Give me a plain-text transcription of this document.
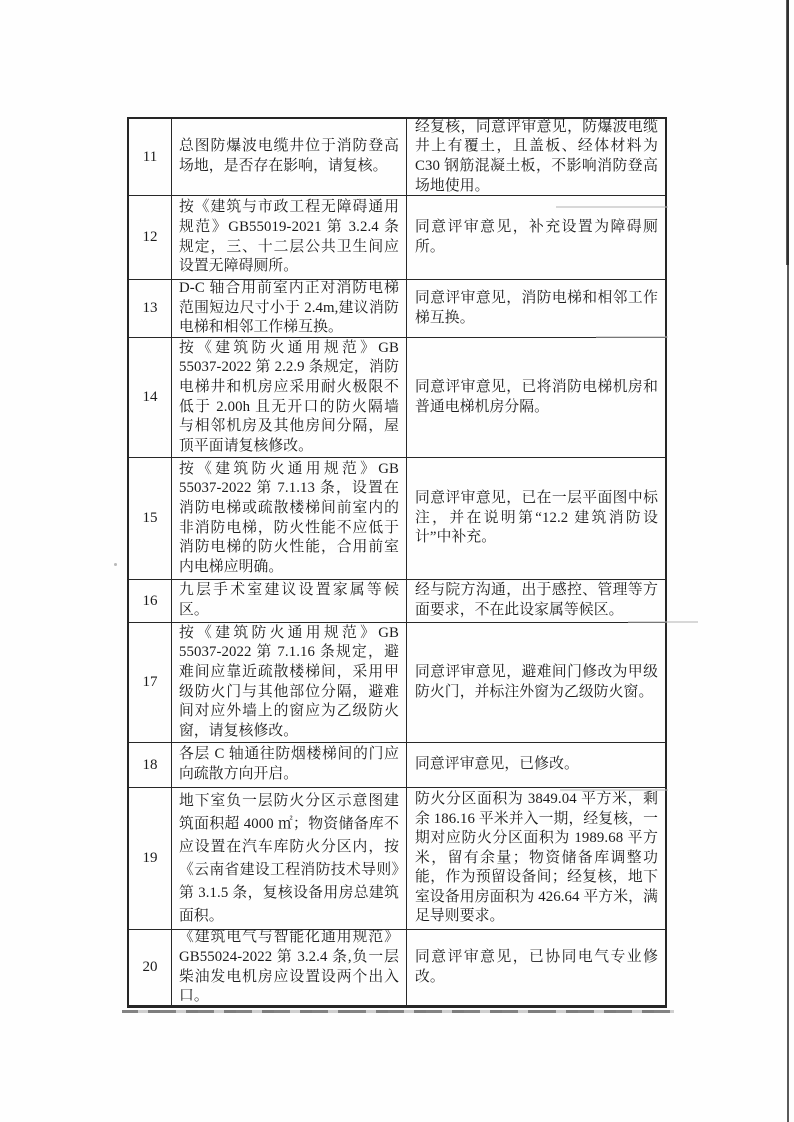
11
总图防爆波电缆井位于消防登高场地，是否存在影响，请复核。
经复核，同意评审意见，防爆波电缆井上有覆土，且盖板、经体材料为 C30 钢筋混凝土板，不影响消防登高场地使用。
12
按《建筑与市政工程无障碍通用规范》GB55019-2021 第 3.2.4 条规定，三、十二层公共卫生间应设置无障碍厕所。
同意评审意见，补充设置为障碍厕所。
13
D-C 轴合用前室内正对消防电梯范围短边尺寸小于 2.4m,建议消防电梯和相邻工作梯互换。
同意评审意见，消防电梯和相邻工作梯互换。
14
按《建筑防火通用规范》GB 55037-2022 第 2.2.9 条规定，消防电梯井和机房应采用耐火极限不低于 2.00h 且无开口的防火隔墙与相邻机房及其他房间分隔，屋顶平面请复核修改。
同意评审意见，已将消防电梯机房和普通电梯机房分隔。
15
按《建筑防火通用规范》GB 55037-2022 第 7.1.13 条，设置在消防电梯或疏散楼梯间前室内的非消防电梯，防火性能不应低于消防电梯的防火性能，合用前室内电梯应明确。
同意评审意见，已在一层平面图中标注，并在说明第“12.2 建筑消防设计”中补充。
16
九层手术室建议设置家属等候区。
经与院方沟通，出于感控、管理等方面要求，不在此设家属等候区。
17
按《建筑防火通用规范》GB 55037-2022 第 7.1.16 条规定，避难间应靠近疏散楼梯间，采用甲级防火门与其他部位分隔，避难间对应外墙上的窗应为乙级防火窗，请复核修改。
同意评审意见，避难间门修改为甲级防火门，并标注外窗为乙级防火窗。
18
各层 C 轴通往防烟楼梯间的门应向疏散方向开启。
同意评审意见，已修改。
19
地下室负一层防火分区示意图建筑面积超 4000 ㎡；物资储备库不应设置在汽车库防火分区内，按《云南省建设工程消防技术导则》第 3.1.5 条，复核设备用房总建筑面积。
防火分区面积为 3849.04 平方米，剩余 186.16 平米并入一期，经复核，一期对应防火分区面积为 1989.68 平方米，留有余量；物资储备库调整功能，作为预留设备间；经复核，地下室设备用房面积为 426.64 平方米，满足导则要求。
20
《建筑电气与智能化通用规范》GB55024-2022 第 3.2.4 条,负一层柴油发电机房应设置设两个出入口。
同意评审意见，已协同电气专业修改。
